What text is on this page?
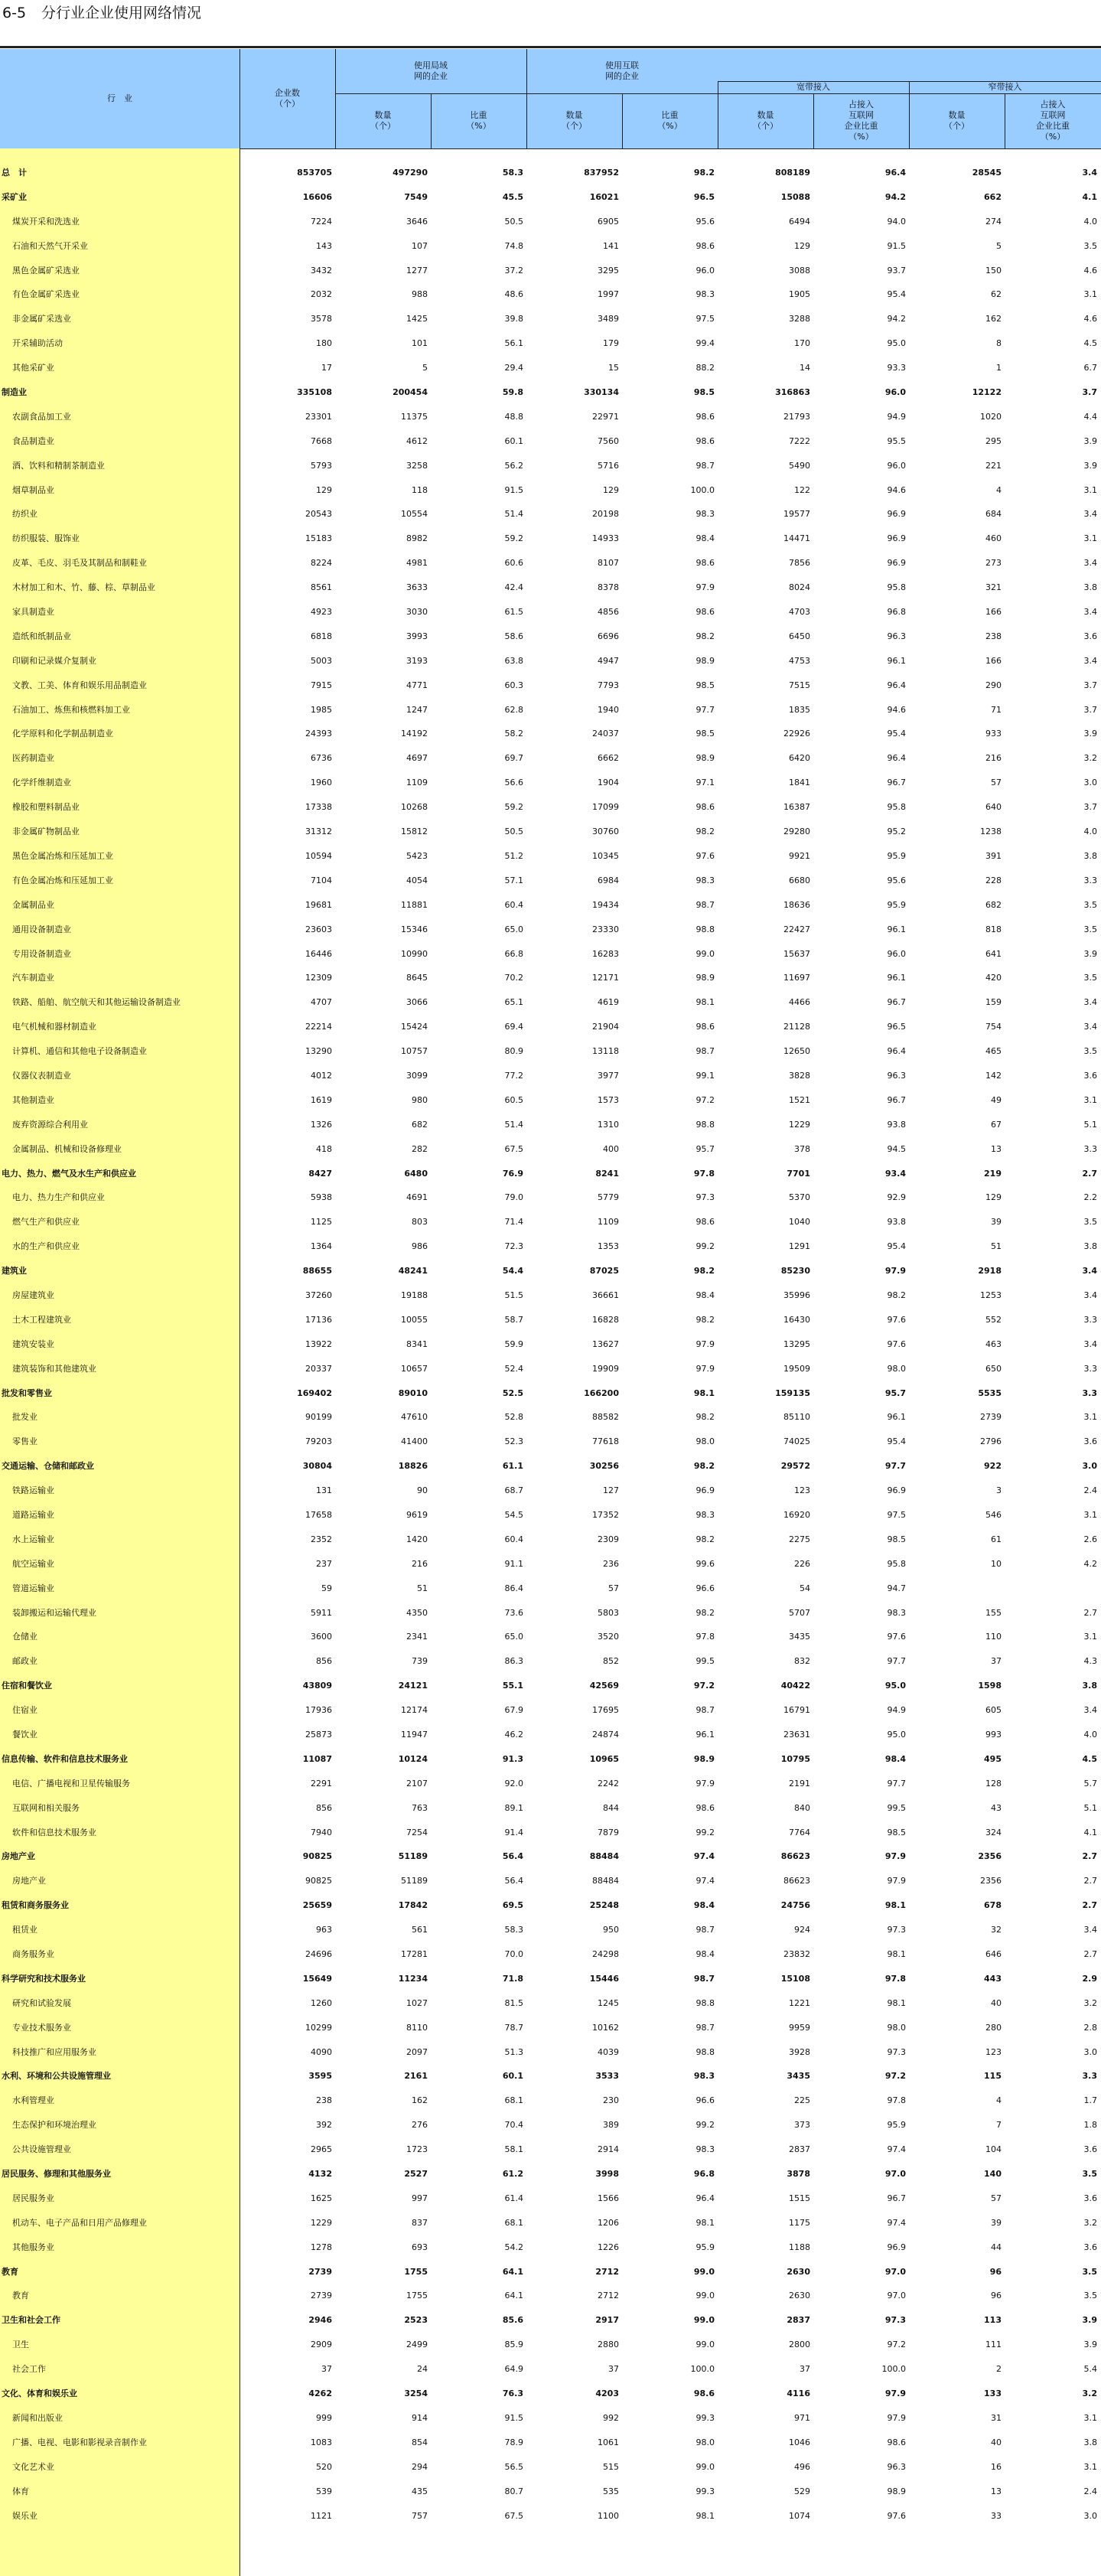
6-5 分行业企业使用网络情况
行　业
企业数
（个）
使用局域
网的企业
使用互联
网的企业
宽带接入	窄带接入
数量
（个）
比重
（%）
数量
（个）
比重
（%）
数量
（个）
占接入
互联网
企业比重
（%）
数量
（个）
占接入
互联网
企业比重
（%）
总　计	853705	497290	58.3	837952	98.2	808189	96.4	28545	3.4
采矿业	16606	7549	45.5	16021	96.5	15088	94.2	662	4.1
煤炭开采和洗选业	7224	3646	50.5	6905	95.6	6494	94.0	274	4.0
石油和天然气开采业	143	107	74.8	141	98.6	129	91.5	5	3.5
黑色金属矿采选业	3432	1277	37.2	3295	96.0	3088	93.7	150	4.6
有色金属矿采选业	2032	988	48.6	1997	98.3	1905	95.4	62	3.1
非金属矿采选业	3578	1425	39.8	3489	97.5	3288	94.2	162	4.6
开采辅助活动	180	101	56.1	179	99.4	170	95.0	8	4.5
其他采矿业	17	5	29.4	15	88.2	14	93.3	1	6.7
制造业	335108	200454	59.8	330134	98.5	316863	96.0	12122	3.7
农副食品加工业	23301	11375	48.8	22971	98.6	21793	94.9	1020	4.4
食品制造业	7668	4612	60.1	7560	98.6	7222	95.5	295	3.9
酒、饮料和精制茶制造业	5793	3258	56.2	5716	98.7	5490	96.0	221	3.9
烟草制品业	129	118	91.5	129	100.0	122	94.6	4	3.1
纺织业	20543	10554	51.4	20198	98.3	19577	96.9	684	3.4
纺织服装、服饰业	15183	8982	59.2	14933	98.4	14471	96.9	460	3.1
皮革、毛皮、羽毛及其制品和制鞋业	8224	4981	60.6	8107	98.6	7856	96.9	273	3.4
木材加工和木、竹、藤、棕、草制品业	8561	3633	42.4	8378	97.9	8024	95.8	321	3.8
家具制造业	4923	3030	61.5	4856	98.6	4703	96.8	166	3.4
造纸和纸制品业	6818	3993	58.6	6696	98.2	6450	96.3	238	3.6
印刷和记录媒介复制业	5003	3193	63.8	4947	98.9	4753	96.1	166	3.4
文教、工美、体育和娱乐用品制造业	7915	4771	60.3	7793	98.5	7515	96.4	290	3.7
石油加工、炼焦和核燃料加工业	1985	1247	62.8	1940	97.7	1835	94.6	71	3.7
化学原料和化学制品制造业	24393	14192	58.2	24037	98.5	22926	95.4	933	3.9
医药制造业	6736	4697	69.7	6662	98.9	6420	96.4	216	3.2
化学纤维制造业	1960	1109	56.6	1904	97.1	1841	96.7	57	3.0
橡胶和塑料制品业	17338	10268	59.2	17099	98.6	16387	95.8	640	3.7
非金属矿物制品业	31312	15812	50.5	30760	98.2	29280	95.2	1238	4.0
黑色金属冶炼和压延加工业	10594	5423	51.2	10345	97.6	9921	95.9	391	3.8
有色金属冶炼和压延加工业	7104	4054	57.1	6984	98.3	6680	95.6	228	3.3
金属制品业	19681	11881	60.4	19434	98.7	18636	95.9	682	3.5
通用设备制造业	23603	15346	65.0	23330	98.8	22427	96.1	818	3.5
专用设备制造业	16446	10990	66.8	16283	99.0	15637	96.0	641	3.9
汽车制造业	12309	8645	70.2	12171	98.9	11697	96.1	420	3.5
铁路、船舶、航空航天和其他运输设备制造业	4707	3066	65.1	4619	98.1	4466	96.7	159	3.4
电气机械和器材制造业	22214	15424	69.4	21904	98.6	21128	96.5	754	3.4
计算机、通信和其他电子设备制造业	13290	10757	80.9	13118	98.7	12650	96.4	465	3.5
仪器仪表制造业	4012	3099	77.2	3977	99.1	3828	96.3	142	3.6
其他制造业	1619	980	60.5	1573	97.2	1521	96.7	49	3.1
废弃资源综合利用业	1326	682	51.4	1310	98.8	1229	93.8	67	5.1
金属制品、机械和设备修理业	418	282	67.5	400	95.7	378	94.5	13	3.3
电力、热力、燃气及水生产和供应业	8427	6480	76.9	8241	97.8	7701	93.4	219	2.7
电力、热力生产和供应业	5938	4691	79.0	5779	97.3	5370	92.9	129	2.2
燃气生产和供应业	1125	803	71.4	1109	98.6	1040	93.8	39	3.5
水的生产和供应业	1364	986	72.3	1353	99.2	1291	95.4	51	3.8
建筑业	88655	48241	54.4	87025	98.2	85230	97.9	2918	3.4
房屋建筑业	37260	19188	51.5	36661	98.4	35996	98.2	1253	3.4
土木工程建筑业	17136	10055	58.7	16828	98.2	16430	97.6	552	3.3
建筑安装业	13922	8341	59.9	13627	97.9	13295	97.6	463	3.4
建筑装饰和其他建筑业	20337	10657	52.4	19909	97.9	19509	98.0	650	3.3
批发和零售业	169402	89010	52.5	166200	98.1	159135	95.7	5535	3.3
批发业	90199	47610	52.8	88582	98.2	85110	96.1	2739	3.1
零售业	79203	41400	52.3	77618	98.0	74025	95.4	2796	3.6
交通运输、仓储和邮政业	30804	18826	61.1	30256	98.2	29572	97.7	922	3.0
铁路运输业	131	90	68.7	127	96.9	123	96.9	3	2.4
道路运输业	17658	9619	54.5	17352	98.3	16920	97.5	546	3.1
水上运输业	2352	1420	60.4	2309	98.2	2275	98.5	61	2.6
航空运输业	237	216	91.1	236	99.6	226	95.8	10	4.2
管道运输业	59	51	86.4	57	96.6	54	94.7
装卸搬运和运输代理业	5911	4350	73.6	5803	98.2	5707	98.3	155	2.7
仓储业	3600	2341	65.0	3520	97.8	3435	97.6	110	3.1
邮政业	856	739	86.3	852	99.5	832	97.7	37	4.3
住宿和餐饮业	43809	24121	55.1	42569	97.2	40422	95.0	1598	3.8
住宿业	17936	12174	67.9	17695	98.7	16791	94.9	605	3.4
餐饮业	25873	11947	46.2	24874	96.1	23631	95.0	993	4.0
信息传输、软件和信息技术服务业	11087	10124	91.3	10965	98.9	10795	98.4	495	4.5
电信、广播电视和卫星传输服务	2291	2107	92.0	2242	97.9	2191	97.7	128	5.7
互联网和相关服务	856	763	89.1	844	98.6	840	99.5	43	5.1
软件和信息技术服务业	7940	7254	91.4	7879	99.2	7764	98.5	324	4.1
房地产业	90825	51189	56.4	88484	97.4	86623	97.9	2356	2.7
房地产业	90825	51189	56.4	88484	97.4	86623	97.9	2356	2.7
租赁和商务服务业	25659	17842	69.5	25248	98.4	24756	98.1	678	2.7
租赁业	963	561	58.3	950	98.7	924	97.3	32	3.4
商务服务业	24696	17281	70.0	24298	98.4	23832	98.1	646	2.7
科学研究和技术服务业	15649	11234	71.8	15446	98.7	15108	97.8	443	2.9
研究和试验发展	1260	1027	81.5	1245	98.8	1221	98.1	40	3.2
专业技术服务业	10299	8110	78.7	10162	98.7	9959	98.0	280	2.8
科技推广和应用服务业	4090	2097	51.3	4039	98.8	3928	97.3	123	3.0
水利、环境和公共设施管理业	3595	2161	60.1	3533	98.3	3435	97.2	115	3.3
水利管理业	238	162	68.1	230	96.6	225	97.8	4	1.7
生态保护和环境治理业	392	276	70.4	389	99.2	373	95.9	7	1.8
公共设施管理业	2965	1723	58.1	2914	98.3	2837	97.4	104	3.6
居民服务、修理和其他服务业	4132	2527	61.2	3998	96.8	3878	97.0	140	3.5
居民服务业	1625	997	61.4	1566	96.4	1515	96.7	57	3.6
机动车、电子产品和日用产品修理业	1229	837	68.1	1206	98.1	1175	97.4	39	3.2
其他服务业	1278	693	54.2	1226	95.9	1188	96.9	44	3.6
教育	2739	1755	64.1	2712	99.0	2630	97.0	96	3.5
教育	2739	1755	64.1	2712	99.0	2630	97.0	96	3.5
卫生和社会工作	2946	2523	85.6	2917	99.0	2837	97.3	113	3.9
卫生	2909	2499	85.9	2880	99.0	2800	97.2	111	3.9
社会工作	37	24	64.9	37	100.0	37	100.0	2	5.4
文化、体育和娱乐业	4262	3254	76.3	4203	98.6	4116	97.9	133	3.2
新闻和出版业	999	914	91.5	992	99.3	971	97.9	31	3.1
广播、电视、电影和影视录音制作业	1083	854	78.9	1061	98.0	1046	98.6	40	3.8
文化艺术业	520	294	56.5	515	99.0	496	96.3	16	3.1
体育	539	435	80.7	535	99.3	529	98.9	13	2.4
娱乐业	1121	757	67.5	1100	98.1	1074	97.6	33	3.0
